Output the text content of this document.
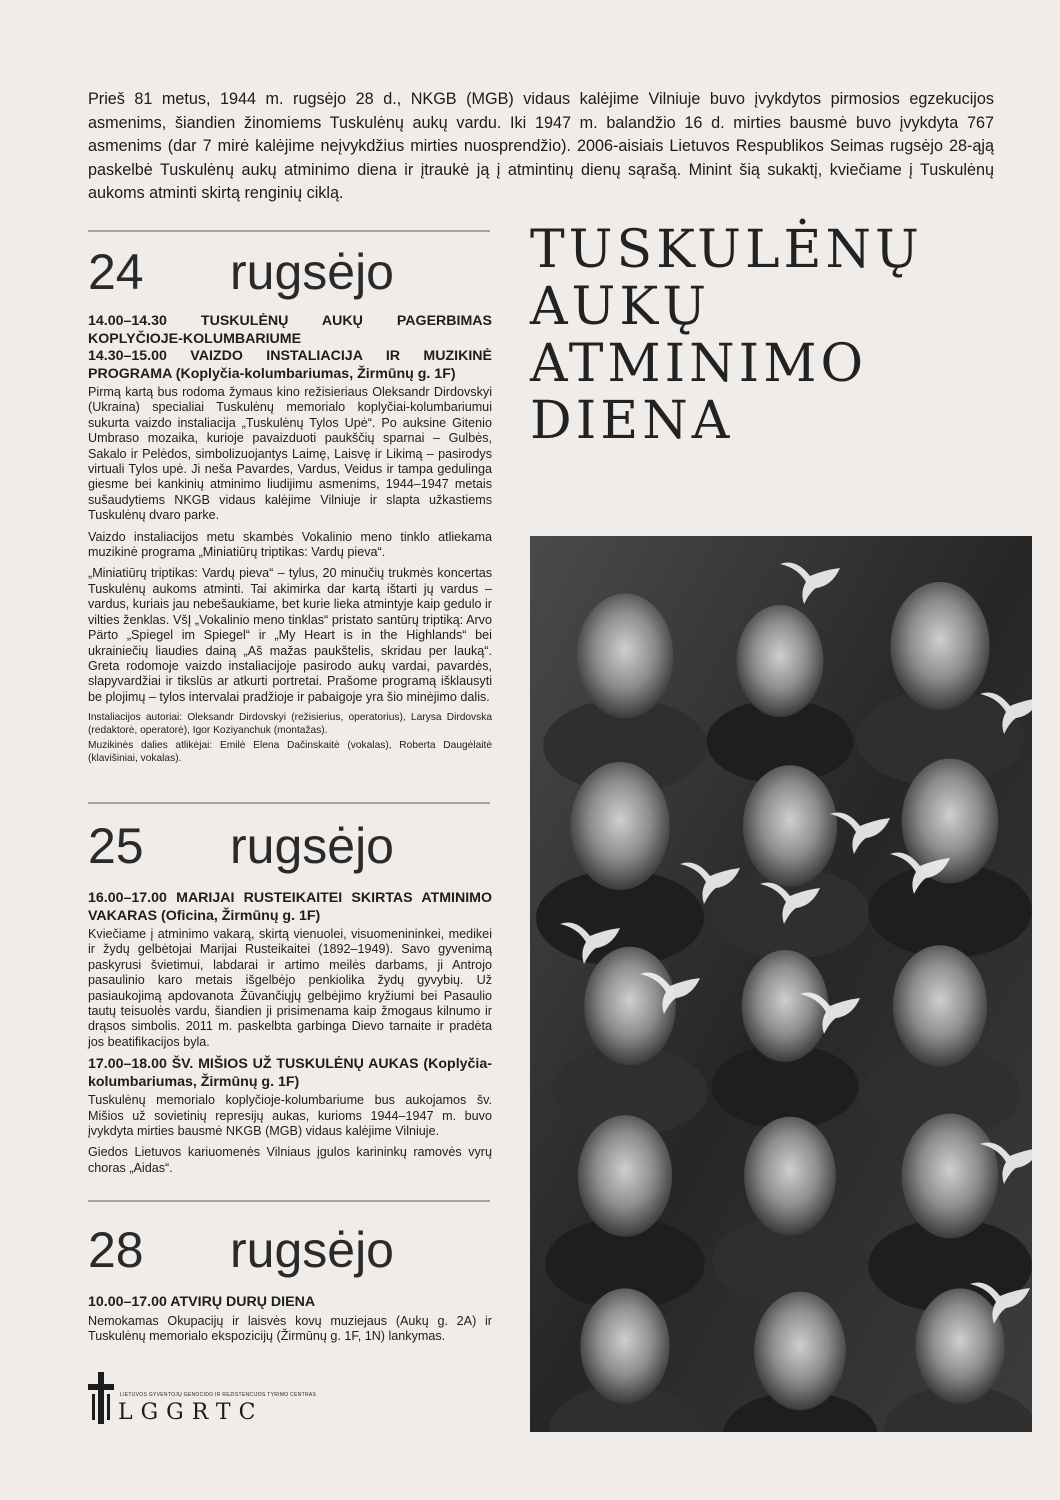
Prieš 81 metus, 1944 m. rugsėjo 28 d., NKGB (MGB) vidaus kalėjime Vilniuje buvo įvykdytos pirmosios egzekucijos asmenims, šiandien žinomiems Tuskulėnų aukų vardu. Iki 1947 m. balandžio 16 d. mirties bausmė buvo įvykdyta 767 asmenims (dar 7 mirė kalėjime neįvykdžius mirties nuosprendžio). 2006-aisiais Lietuvos Respublikos Seimas rugsėjo 28-ąją paskelbė Tuskulėnų aukų atminimo diena ir įtraukė ją į atmintinų dienų sąrašą. Minint šią sukaktį, kviečiame į Tuskulėnų aukoms atminti skirtą renginių ciklą.
24 rugsėjo

14.00–14.30 TUSKULĖNŲ AUKŲ PAGERBIMAS KOPLYČIOJE-KOLUMBARIUME

14.30–15.00 VAIZDO INSTALIACIJA IR MUZIKINĖ PROGRAMA (Koplyčia-kolumbariumas, Žirmūnų g. 1F)

Pirmą kartą bus rodoma žymaus kino režisieriaus Oleksandr Dirdovskyi (Ukraina) specialiai Tuskulėnų memorialo koplyčiai-kolumbariumui sukurta vaizdo instaliacija „Tuskulėnų Tylos Upė“. Po auksine Gitenio Umbraso mozaika, kurioje pavaizduoti paukščių sparnai – Gulbės, Sakalo ir Pelėdos, simbolizuojantys Laimę, Laisvę ir Likimą – pasirodys virtuali Tylos upė. Ji neša Pavardes, Vardus, Veidus ir tampa gedulinga giesme bei kankinių atminimo liudijimu asmenims, 1944–1947 metais sušaudytiems NKGB vidaus kalėjime Vilniuje ir slapta užkastiems Tuskulėnų dvaro parke.

Vaizdo instaliacijos metu skambės Vokalinio meno tinklo atliekama muzikinė programa „Miniatiūrų triptikas: Vardų pieva“.

„Miniatiūrų triptikas: Vardų pieva“ – tylus, 20 minučių trukmės koncertas Tuskulėnų aukoms atminti. Tai akimirka dar kartą ištarti jų vardus – vardus, kuriais jau nebešaukiame, bet kurie lieka atmintyje kaip gedulo ir vilties ženklas. VšĮ „Vokalinio meno tinklas“ pristato santūrų triptiką: Arvo Pärto „Spiegel im Spiegel“ ir „My Heart is in the Highlands“ bei ukrainiečių liaudies dainą „Aš mažas paukštelis, skridau per lauką“. Greta rodomoje vaizdo instaliacijoje pasirodo aukų vardai, pavardės, slapyvardžiai ir tikslūs ar atkurti portretai. Prašome programą išklausyti be plojimų – tylos intervalai pradžioje ir pabaigoje yra šio minėjimo dalis.

Instaliacijos autoriai: Oleksandr Dirdovskyi (režisierius, operatorius), Larysa Dirdovska (redaktorė, operatorė), Igor Koziyanchuk (montažas).

Muzikinės dalies atlikėjai: Emilė Elena Dačinskaitė (vokalas), Roberta Daugėlaitė (klavišiniai, vokalas).

25 rugsėjo

16.00–17.00 MARIJAI RUSTEIKAITEI SKIRTAS ATMINIMO VAKARAS (Oficina, Žirmūnų g. 1F)

Kviečiame į atminimo vakarą, skirtą vienuolei, visuomenininkei, medikei ir žydų gelbėtojai Marijai Rusteikaitei (1892–1949). Savo gyvenimą paskyrusi švietimui, labdarai ir artimo meilės darbams, ji Antrojo pasaulinio karo metais išgelbėjo penkiolika žydų gyvybių. Už pasiaukojimą apdovanota Žūvančiųjų gelbėjimo kryžiumi bei Pasaulio tautų teisuolės vardu, šiandien ji prisimenama kaip žmogaus kilnumo ir drąsos simbolis. 2011 m. paskelbta garbinga Dievo tarnaite ir pradėta jos beatifikacijos byla.

17.00–18.00 ŠV. MIŠIOS UŽ TUSKULĖNŲ AUKAS (Koplyčia-kolumbariumas, Žirmūnų g. 1F)

Tuskulėnų memorialo koplyčioje-kolumbariume bus aukojamos šv. Mišios už sovietinių represijų aukas, kurioms 1944–1947 m. buvo įvykdyta mirties bausmė NKGB (MGB) vidaus kalėjime Vilniuje.

Giedos Lietuvos kariuomenės Vilniaus įgulos karininkų ramovės vyrų choras „Aidas“.

28 rugsėjo

10.00–17.00 ATVIRŲ DURŲ DIENA

Nemokamas Okupacijų ir laisvės kovų muziejaus (Aukų g. 2A) ir Tuskulėnų memorialo ekspozicijų (Žirmūnų g. 1F, 1N) lankymas.

TUSKULĖNŲ
AUKŲ
ATMINIMO
DIENA
LIETUVOS GYVENTOJŲ GENOCIDO IR REZISTENCIJOS TYRIMO CENTRAS
LGGRTC
